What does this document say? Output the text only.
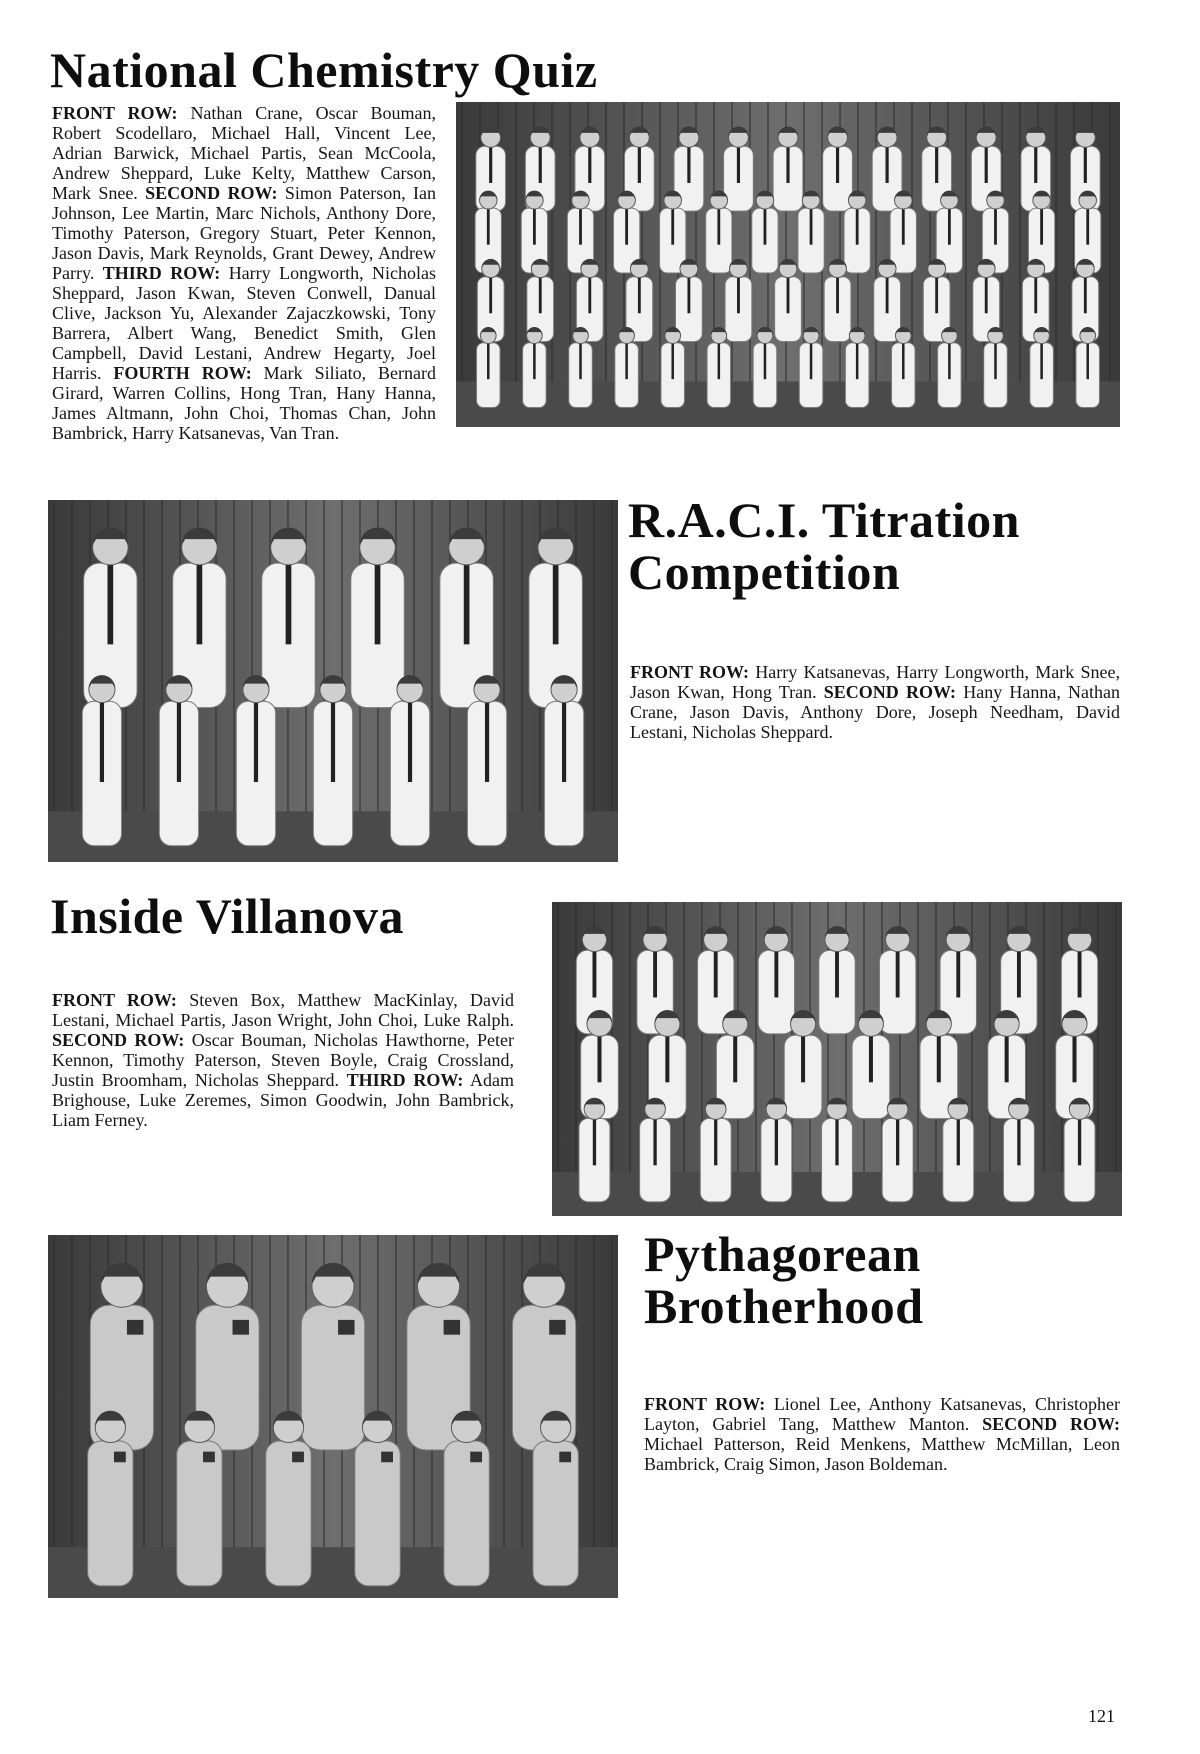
National Chemistry Quiz

FRONT ROW: Nathan Crane, Oscar Bouman, Robert Scodellaro, Michael Hall, Vincent Lee, Adrian Barwick, Michael Partis, Sean McCoola, Andrew Sheppard, Luke Kelty, Matthew Carson, Mark Snee. SECOND ROW: Simon Paterson, Ian Johnson, Lee Martin, Marc Nichols, Anthony Dore, Timothy Paterson, Gregory Stuart, Peter Kennon, Jason Davis, Mark Reynolds, Grant Dewey, Andrew Parry. THIRD ROW: Harry Longworth, Nicholas Sheppard, Jason Kwan, Steven Conwell, Danual Clive, Jackson Yu, Alexander Zajaczkowski, Tony Barrera, Albert Wang, Benedict Smith, Glen Campbell, David Lestani, Andrew Hegarty, Joel Harris. FOURTH ROW: Mark Siliato, Bernard Girard, Warren Collins, Hong Tran, Hany Hanna, James Altmann, John Choi, Thomas Chan, John Bambrick, Harry Katsanevas, Van Tran.

R.A.C.I. Titration
Competition

FRONT ROW: Harry Katsanevas, Harry Longworth, Mark Snee, Jason Kwan, Hong Tran. SECOND ROW: Hany Hanna, Nathan Crane, Jason Davis, Anthony Dore, Joseph Needham, David Lestani, Nicholas Sheppard.

Inside Villanova

FRONT ROW: Steven Box, Matthew MacKinlay, David Lestani, Michael Partis, Jason Wright, John Choi, Luke Ralph. SECOND ROW: Oscar Bouman, Nicholas Hawthorne, Peter Kennon, Timothy Paterson, Steven Boyle, Craig Crossland, Justin Broomham, Nicholas Sheppard. THIRD ROW: Adam Brighouse, Luke Zeremes, Simon Goodwin, John Bambrick, Liam Ferney.

Pythagorean
Brotherhood

FRONT ROW: Lionel Lee, Anthony Katsanevas, Christopher Layton, Gabriel Tang, Matthew Manton. SECOND ROW: Michael Patterson, Reid Menkens, Matthew McMillan, Leon Bambrick, Craig Simon, Jason Boldeman.

121
